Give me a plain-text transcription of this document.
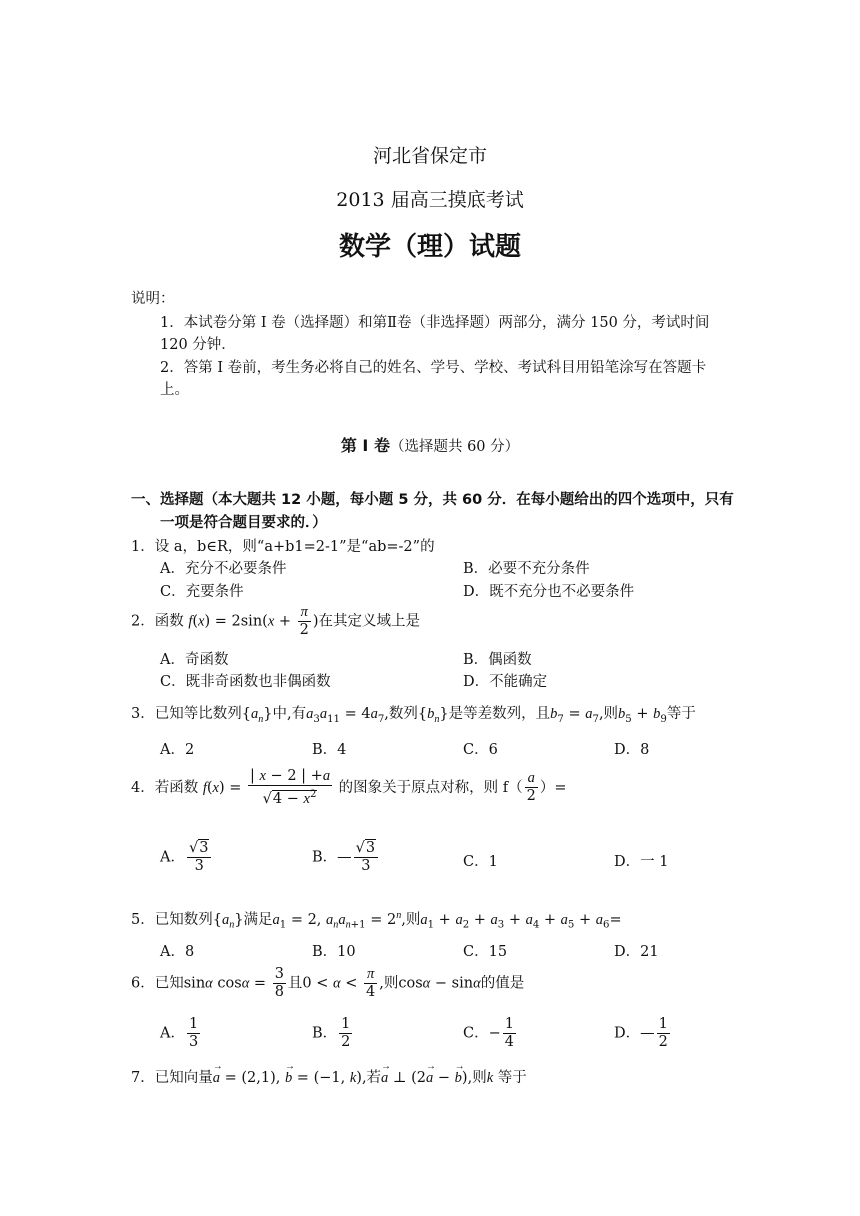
河北省保定市
2013 届高三摸底考试
数学（理）试题
说明：
1．本试卷分第 I 卷（选择题）和第Ⅱ卷（非选择题）两部分，满分 150 分，考试时间
120 分钟．
2．答第 I 卷前，考生务必将自己的姓名、学号、学校、考试科目用铅笔涂写在答题卡
上。
第 Ⅰ 卷（选择题共 60 分）
一、选择题（本大题共 12 小题，每小题 5 分，共 60 分．在每小题给出的四个选项中，只有
一项是符合题目要求的．）
1．设 a，b∈R，则“a+b1=2-1”是“ab=-2”的
A．充分不必要条件	B．必要不充分条件
C．充要条件	D．既不充分也不必要条件
2．函数 $f(x) = 2\sin(x + \frac{\pi}{2}$ )在其定义域上是
A．奇函数	B．偶函数
C．既非奇函数也非偶函数	D．不能确定
3．已知等比数列$\{a_n\}$中,有$a_3a_{11} = 4a_7$,数列$\{b_n\}$是等差数列，且$b_7 = a_7$,则$b_5 + b_9$等于
A．2	B．4	C．6	D．8
4．若函数 $f(x) = \frac{| x - 2 | +a}{√4 - x^2}$ 的图象关于原点对称，则 $f( \frac{a}{2}$ ）=
A． $\frac{√3}{3}$	B．— $\frac{√3}{3}$	C．1	D．一 1
5．已知数列$\{a_n\}$满足$a_1 = 2$, $a_na_{n+1} = 2^n$,则$a_1 + a_2 + a_3 + a_4 + a_5 + a_6=$
A．8	B．10	C．15	D．21
6．已知sinα $\cos\alpha = \frac{3}{8}$ 且$0 < \alpha < \frac{\pi}{4}$ ,则cosα − sinα的值是
A． $\frac{1}{3}$	B． $\frac{1}{2}$	C．− $\frac{1}{4}$	D．— $\frac{1}{2}$
7．已知向量→ a = (2,1), → b = (−1, k),若→ a ⊥ (2→ a − → b),则k 等于
